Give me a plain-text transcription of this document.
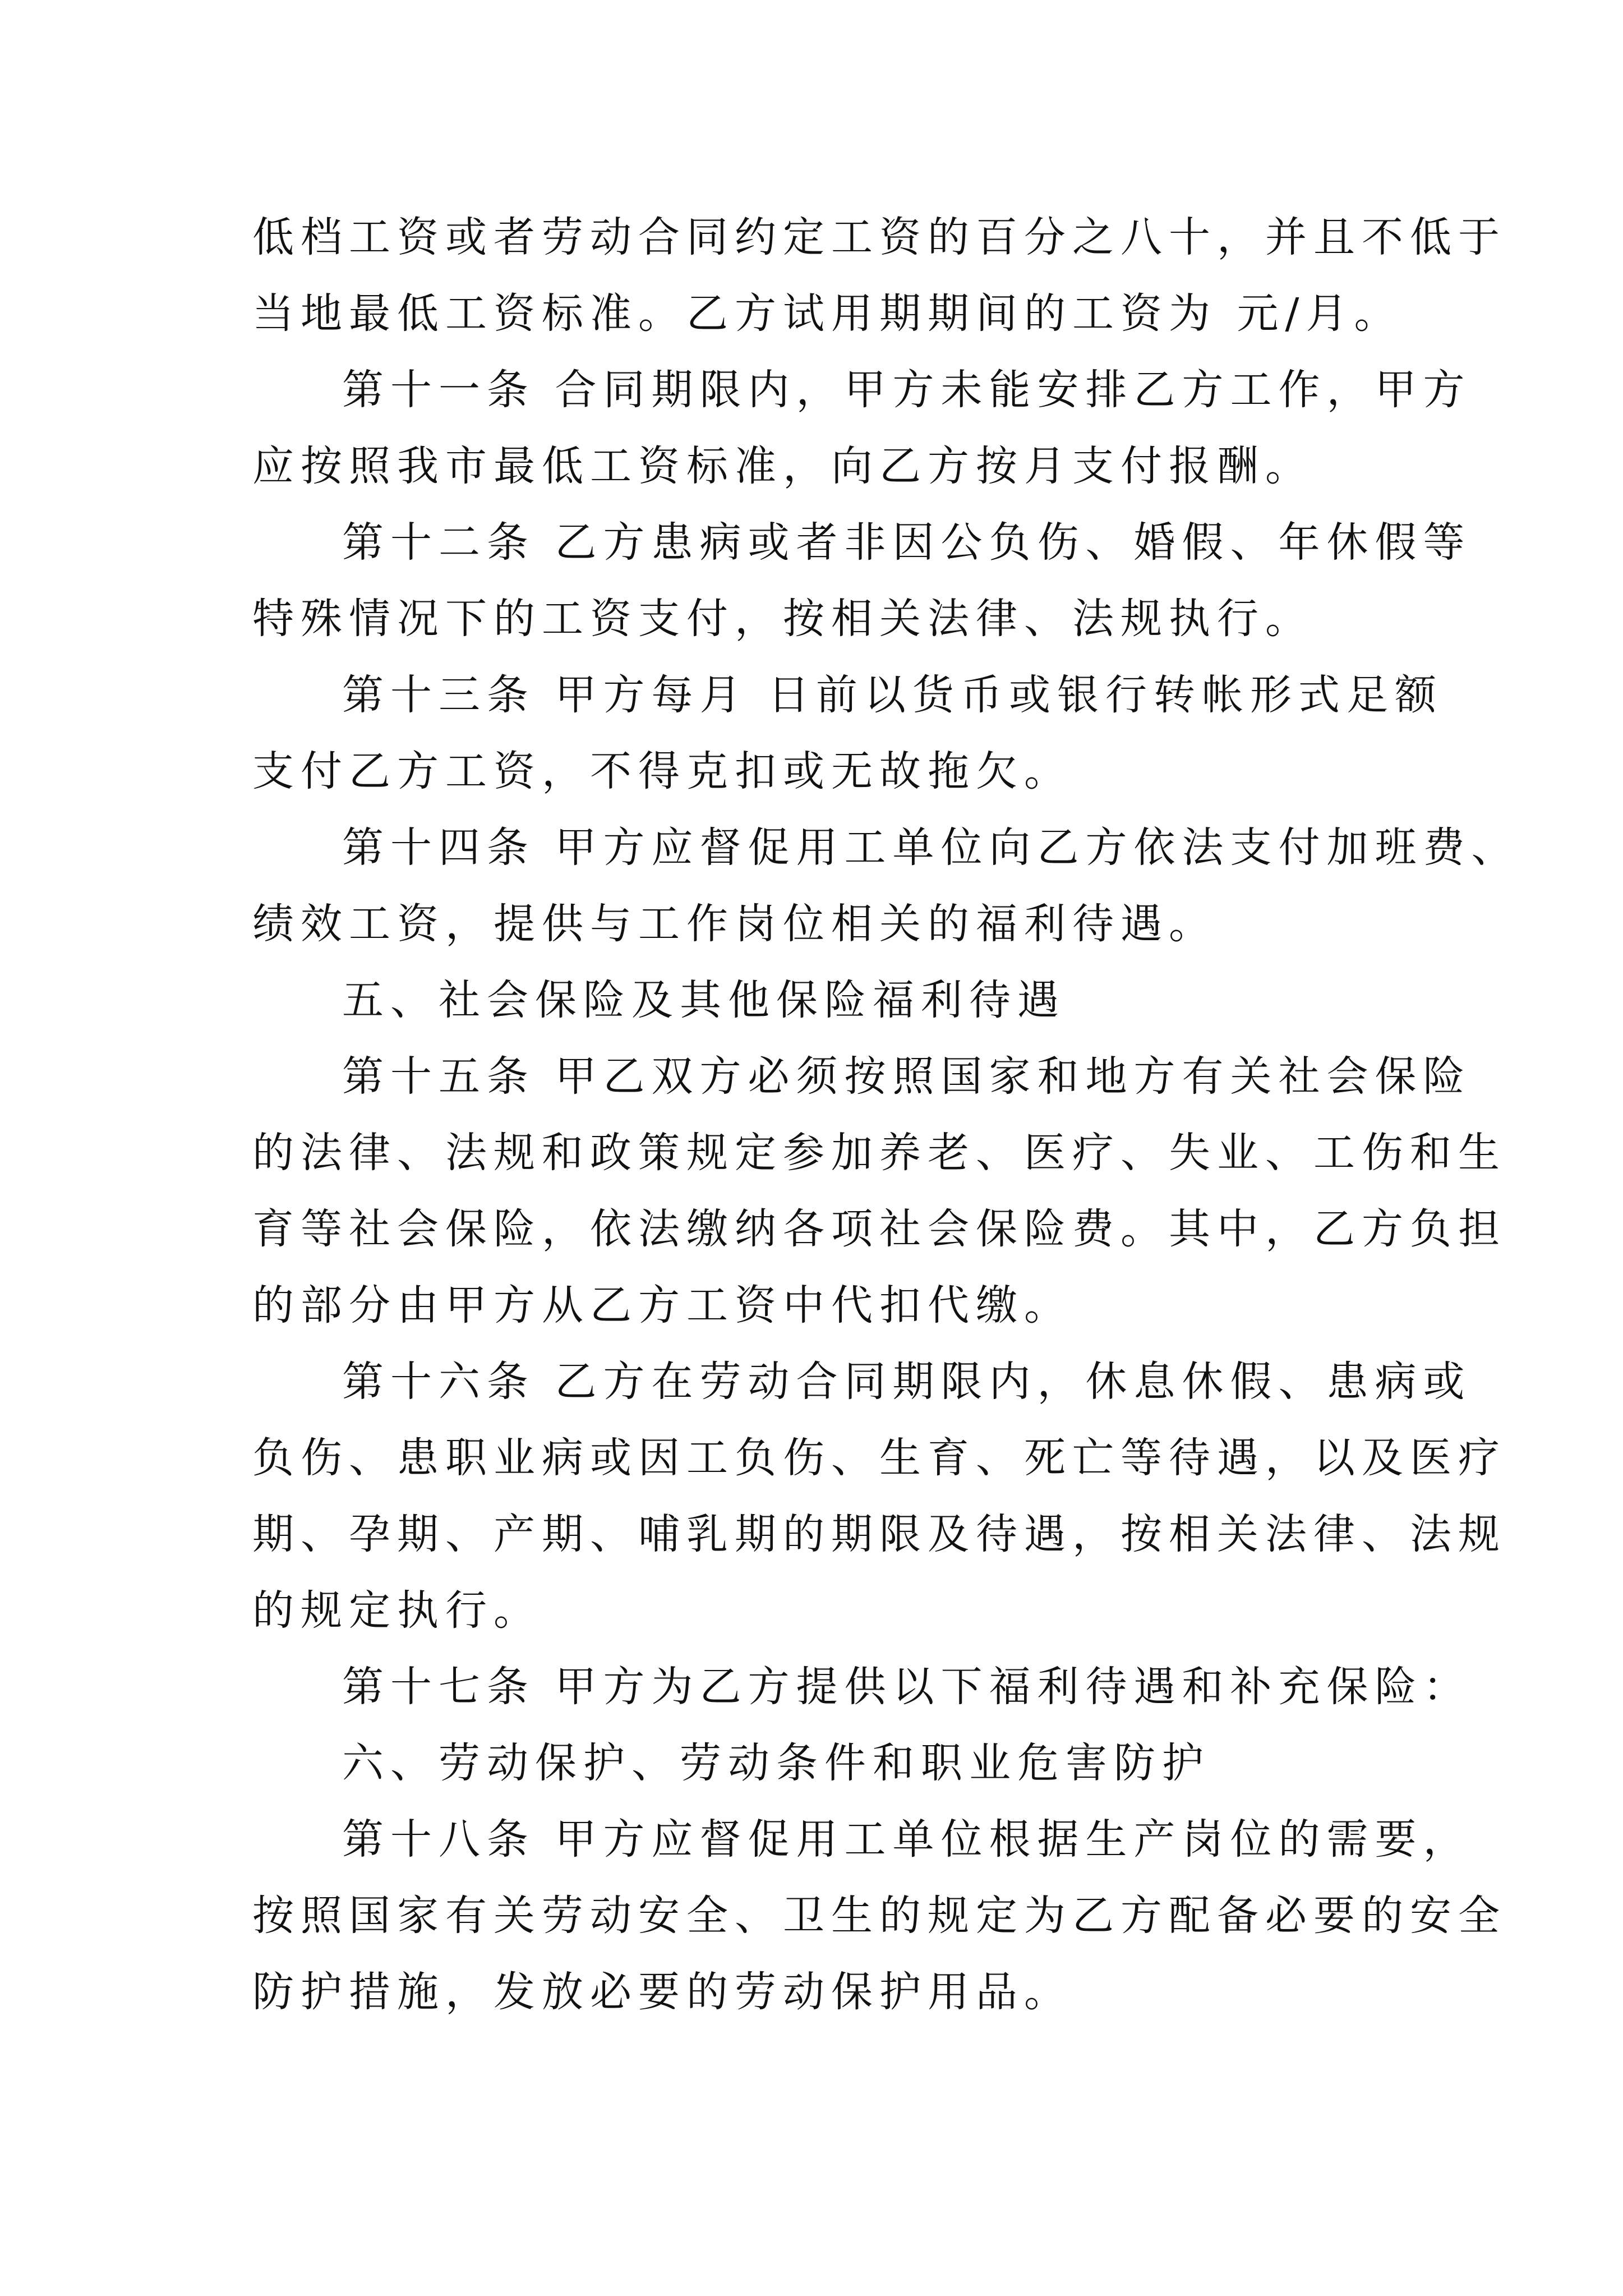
低档工资或者劳动合同约定工资的百分之八十，并且不低于
当地最低工资标准。乙方试用期期间的工资为 元/月。
第十一条 合同期限内，甲方未能安排乙方工作，甲方
应按照我市最低工资标准，向乙方按月支付报酬。
第十二条 乙方患病或者非因公负伤、婚假、年休假等
特殊情况下的工资支付，按相关法律、法规执行。
第十三条 甲方每月 日前以货币或银行转帐形式足额
支付乙方工资，不得克扣或无故拖欠。
第十四条 甲方应督促用工单位向乙方依法支付加班费、
绩效工资，提供与工作岗位相关的福利待遇。
五、社会保险及其他保险福利待遇
第十五条 甲乙双方必须按照国家和地方有关社会保险
的法律、法规和政策规定参加养老、医疗、失业、工伤和生
育等社会保险，依法缴纳各项社会保险费。其中，乙方负担
的部分由甲方从乙方工资中代扣代缴。
第十六条 乙方在劳动合同期限内，休息休假、患病或
负伤、患职业病或因工负伤、生育、死亡等待遇，以及医疗
期、孕期、产期、哺乳期的期限及待遇，按相关法律、法规
的规定执行。
第十七条 甲方为乙方提供以下福利待遇和补充保险：
六、劳动保护、劳动条件和职业危害防护
第十八条 甲方应督促用工单位根据生产岗位的需要，
按照国家有关劳动安全、卫生的规定为乙方配备必要的安全
防护措施，发放必要的劳动保护用品。
